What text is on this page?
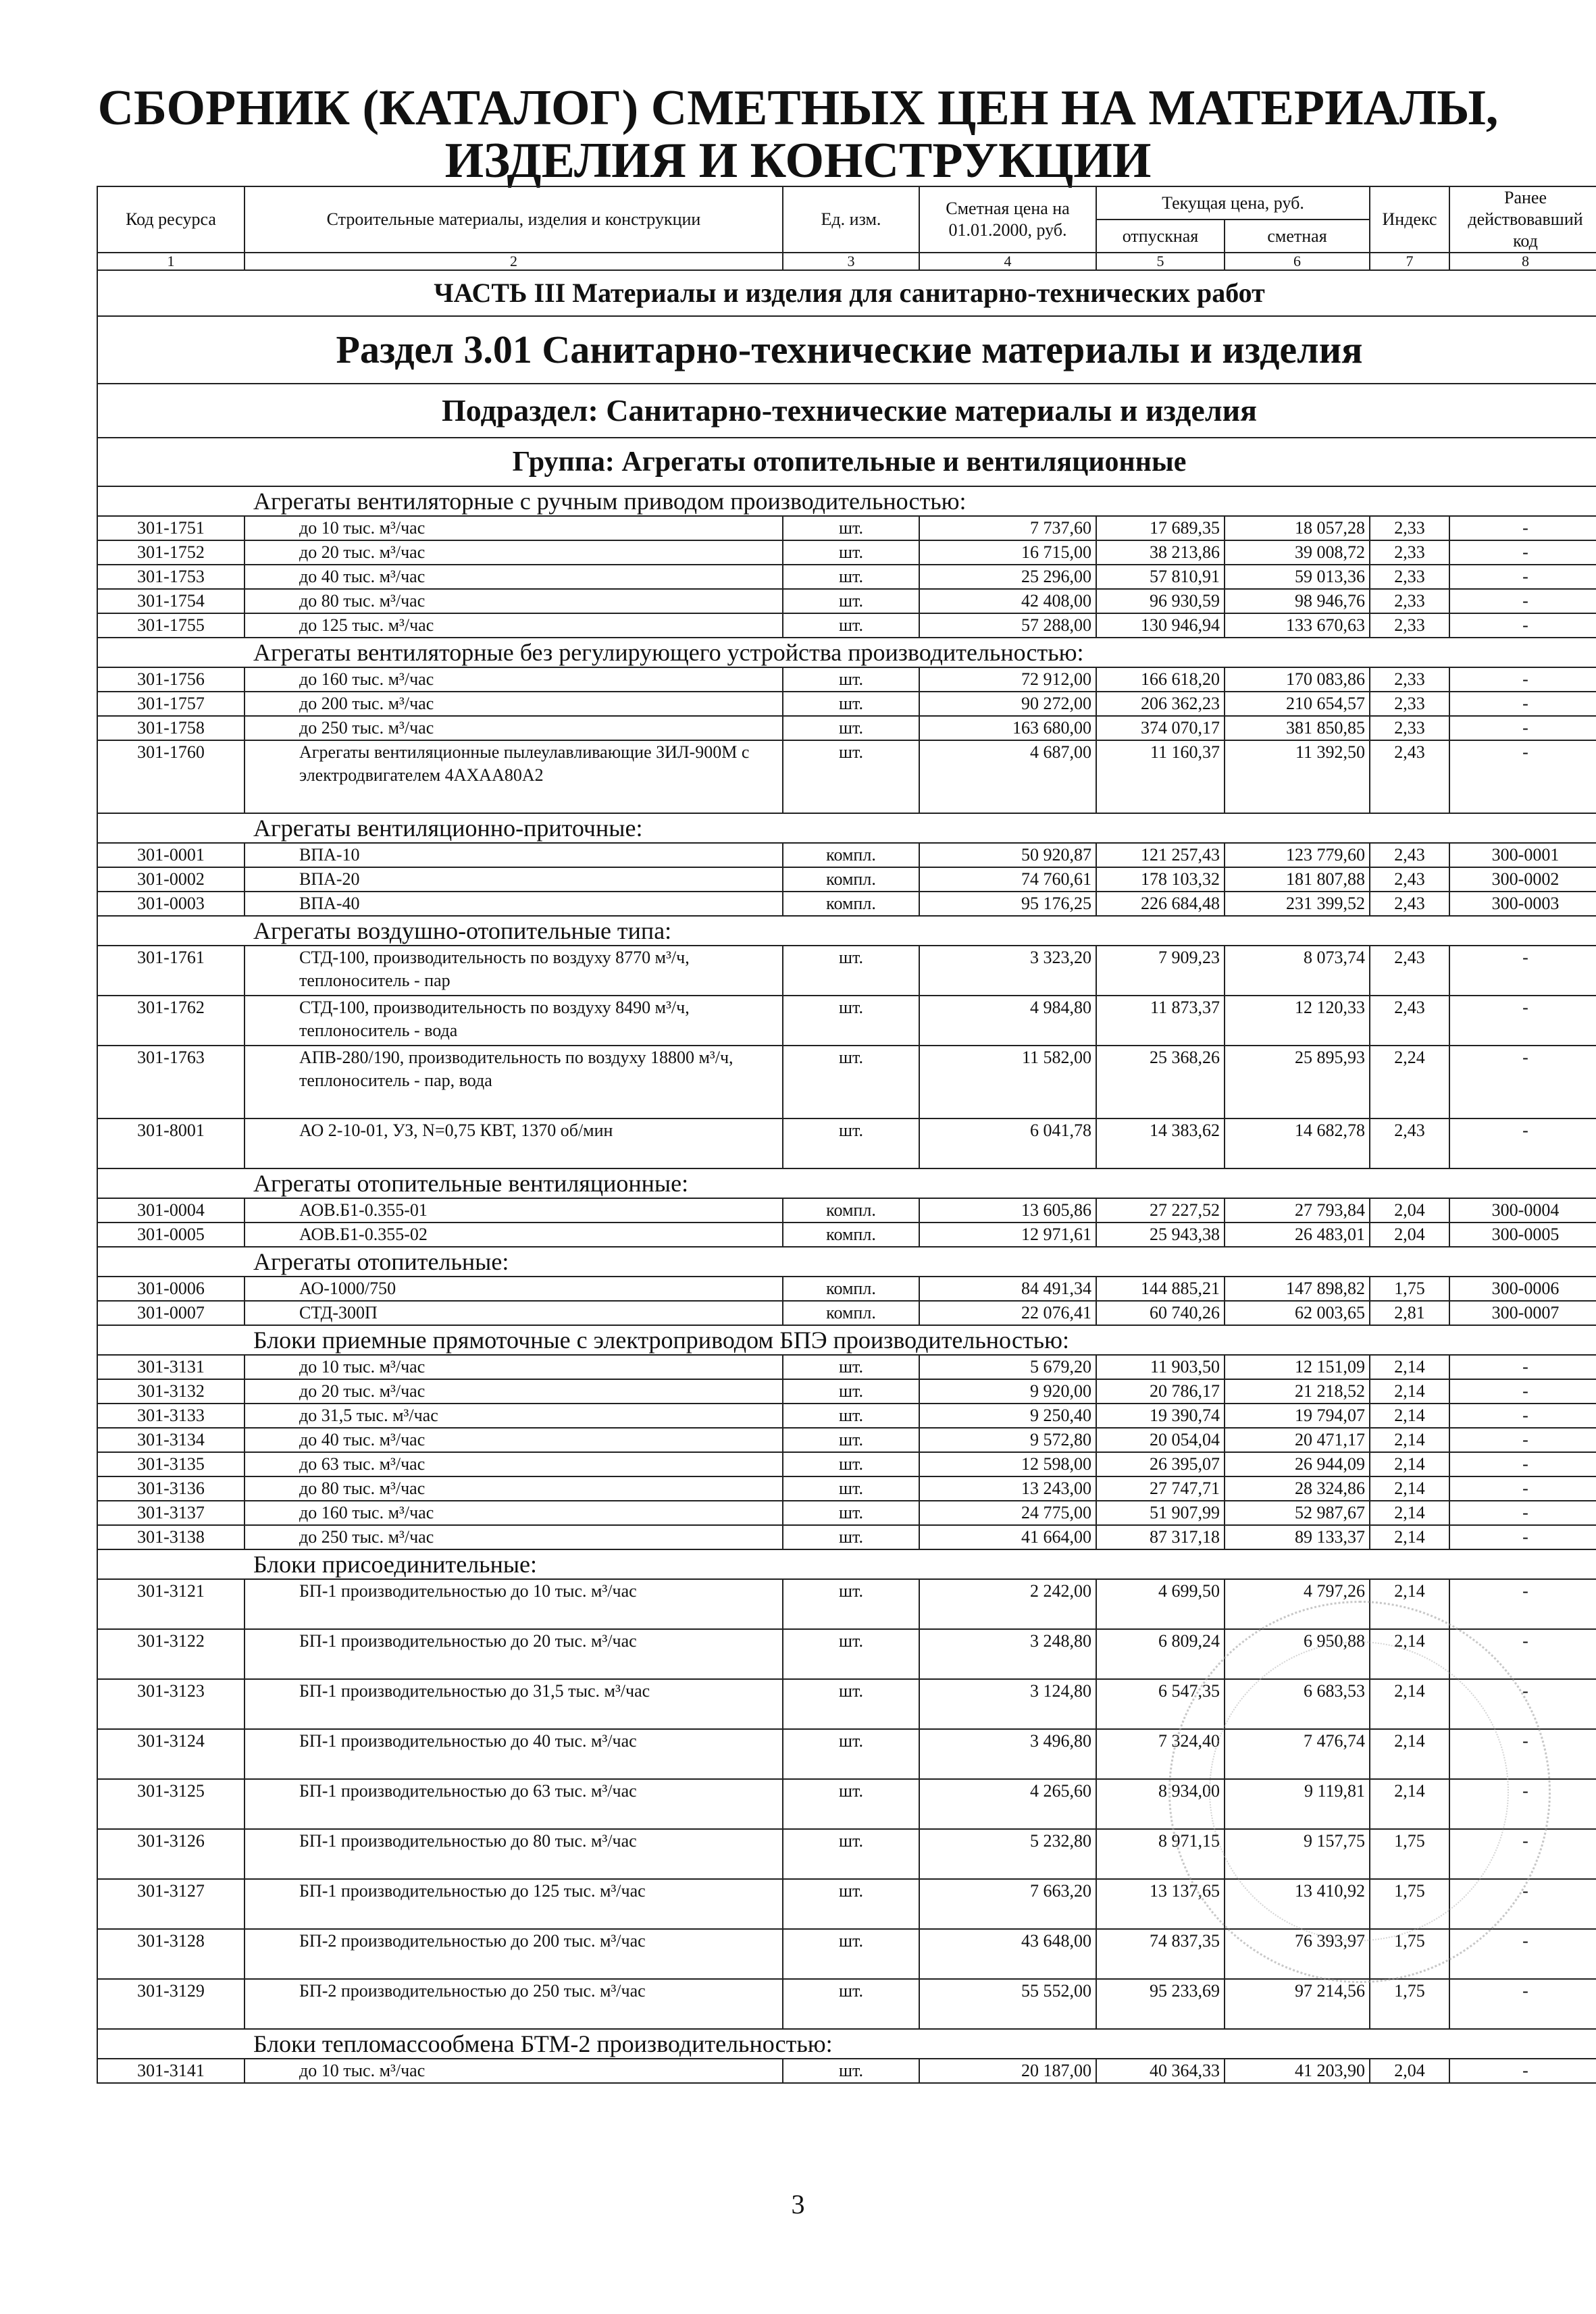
СБОРНИК (КАТАЛОГ) СМЕТНЫХ ЦЕН НА МАТЕРИАЛЫ,
ИЗДЕЛИЯ И КОНСТРУКЦИИ
Код ресурса	Строительные материалы, изделия и конструкции	Ед. изм.	Сметная цена на 01.01.2000, руб.	Текущая цена, руб.		Индекс	Ранее действовавший код
				отпускная	сметная		
1	2	3	4	5	6	7	8
ЧАСТЬ III Материалы и изделия для санитарно-технических работ							
Раздел 3.01 Санитарно-технические материалы и изделия							
Подраздел: Санитарно-технические материалы и изделия							
Группа: Агрегаты отопительные и вентиляционные							
Агрегаты вентиляторные с ручным приводом производительностью:							
301-1751	до 10 тыс. м³/час	шт.	7 737,60	17 689,35	18 057,28	2,33	-
301-1752	до 20 тыс. м³/час	шт.	16 715,00	38 213,86	39 008,72	2,33	-
301-1753	до 40 тыс. м³/час	шт.	25 296,00	57 810,91	59 013,36	2,33	-
301-1754	до 80 тыс. м³/час	шт.	42 408,00	96 930,59	98 946,76	2,33	-
301-1755	до 125 тыс. м³/час	шт.	57 288,00	130 946,94	133 670,63	2,33	-
Агрегаты вентиляторные без регулирующего устройства производительностью:							
301-1756	до 160 тыс. м³/час	шт.	72 912,00	166 618,20	170 083,86	2,33	-
301-1757	до 200 тыс. м³/час	шт.	90 272,00	206 362,23	210 654,57	2,33	-
301-1758	до 250 тыс. м³/час	шт.	163 680,00	374 070,17	381 850,85	2,33	-
301-1760	Агрегаты вентиляционные пылеулавливающие ЗИЛ-900М с электродвигателем 4АХАА80А2	шт.	4 687,00	11 160,37	11 392,50	2,43	-
Агрегаты вентиляционно-приточные:							
301-0001	ВПА-10	компл.	50 920,87	121 257,43	123 779,60	2,43	300-0001
301-0002	ВПА-20	компл.	74 760,61	178 103,32	181 807,88	2,43	300-0002
301-0003	ВПА-40	компл.	95 176,25	226 684,48	231 399,52	2,43	300-0003
Агрегаты воздушно-отопительные типа:							
301-1761	СТД-100, производительность по воздуху 8770 м³/ч, теплоноситель - пар	шт.	3 323,20	7 909,23	8 073,74	2,43	-
301-1762	СТД-100, производительность по воздуху 8490 м³/ч, теплоноситель - вода	шт.	4 984,80	11 873,37	12 120,33	2,43	-
301-1763	АПВ-280/190, производительность по воздуху 18800 м³/ч, теплоноситель - пар, вода	шт.	11 582,00	25 368,26	25 895,93	2,24	-
301-8001	АО 2-10-01, УЗ, N=0,75 КВТ, 1370 об/мин	шт.	6 041,78	14 383,62	14 682,78	2,43	-
Агрегаты отопительные вентиляционные:							
301-0004	АОВ.Б1-0.355-01	компл.	13 605,86	27 227,52	27 793,84	2,04	300-0004
301-0005	АОВ.Б1-0.355-02	компл.	12 971,61	25 943,38	26 483,01	2,04	300-0005
Агрегаты отопительные:							
301-0006	АО-1000/750	компл.	84 491,34	144 885,21	147 898,82	1,75	300-0006
301-0007	СТД-300П	компл.	22 076,41	60 740,26	62 003,65	2,81	300-0007
Блоки приемные прямоточные с электроприводом БПЭ производительностью:							
301-3131	до 10 тыс. м³/час	шт.	5 679,20	11 903,50	12 151,09	2,14	-
301-3132	до 20 тыс. м³/час	шт.	9 920,00	20 786,17	21 218,52	2,14	-
301-3133	до 31,5 тыс. м³/час	шт.	9 250,40	19 390,74	19 794,07	2,14	-
301-3134	до 40 тыс. м³/час	шт.	9 572,80	20 054,04	20 471,17	2,14	-
301-3135	до 63 тыс. м³/час	шт.	12 598,00	26 395,07	26 944,09	2,14	-
301-3136	до 80 тыс. м³/час	шт.	13 243,00	27 747,71	28 324,86	2,14	-
301-3137	до 160 тыс. м³/час	шт.	24 775,00	51 907,99	52 987,67	2,14	-
301-3138	до 250 тыс. м³/час	шт.	41 664,00	87 317,18	89 133,37	2,14	-
Блоки присоединительные:							
301-3121	БП-1 производительностью до 10 тыс. м³/час	шт.	2 242,00	4 699,50	4 797,26	2,14	-
301-3122	БП-1 производительностью до 20 тыс. м³/час	шт.	3 248,80	6 809,24	6 950,88	2,14	-
301-3123	БП-1 производительностью до 31,5 тыс. м³/час	шт.	3 124,80	6 547,35	6 683,53	2,14	-
301-3124	БП-1 производительностью до 40 тыс. м³/час	шт.	3 496,80	7 324,40	7 476,74	2,14	-
301-3125	БП-1 производительностью до 63 тыс. м³/час	шт.	4 265,60	8 934,00	9 119,81	2,14	-
301-3126	БП-1 производительностью до 80 тыс. м³/час	шт.	5 232,80	8 971,15	9 157,75	1,75	-
301-3127	БП-1 производительностью до 125 тыс. м³/час	шт.	7 663,20	13 137,65	13 410,92	1,75	-
301-3128	БП-2 производительностью до 200 тыс. м³/час	шт.	43 648,00	74 837,35	76 393,97	1,75	-
301-3129	БП-2 производительностью до 250 тыс. м³/час	шт.	55 552,00	95 233,69	97 214,56	1,75	-
Блоки тепломассообмена БТМ-2 производительностью:							
301-3141	до 10 тыс. м³/час	шт.	20 187,00	40 364,33	41 203,90	2,04	-
3
